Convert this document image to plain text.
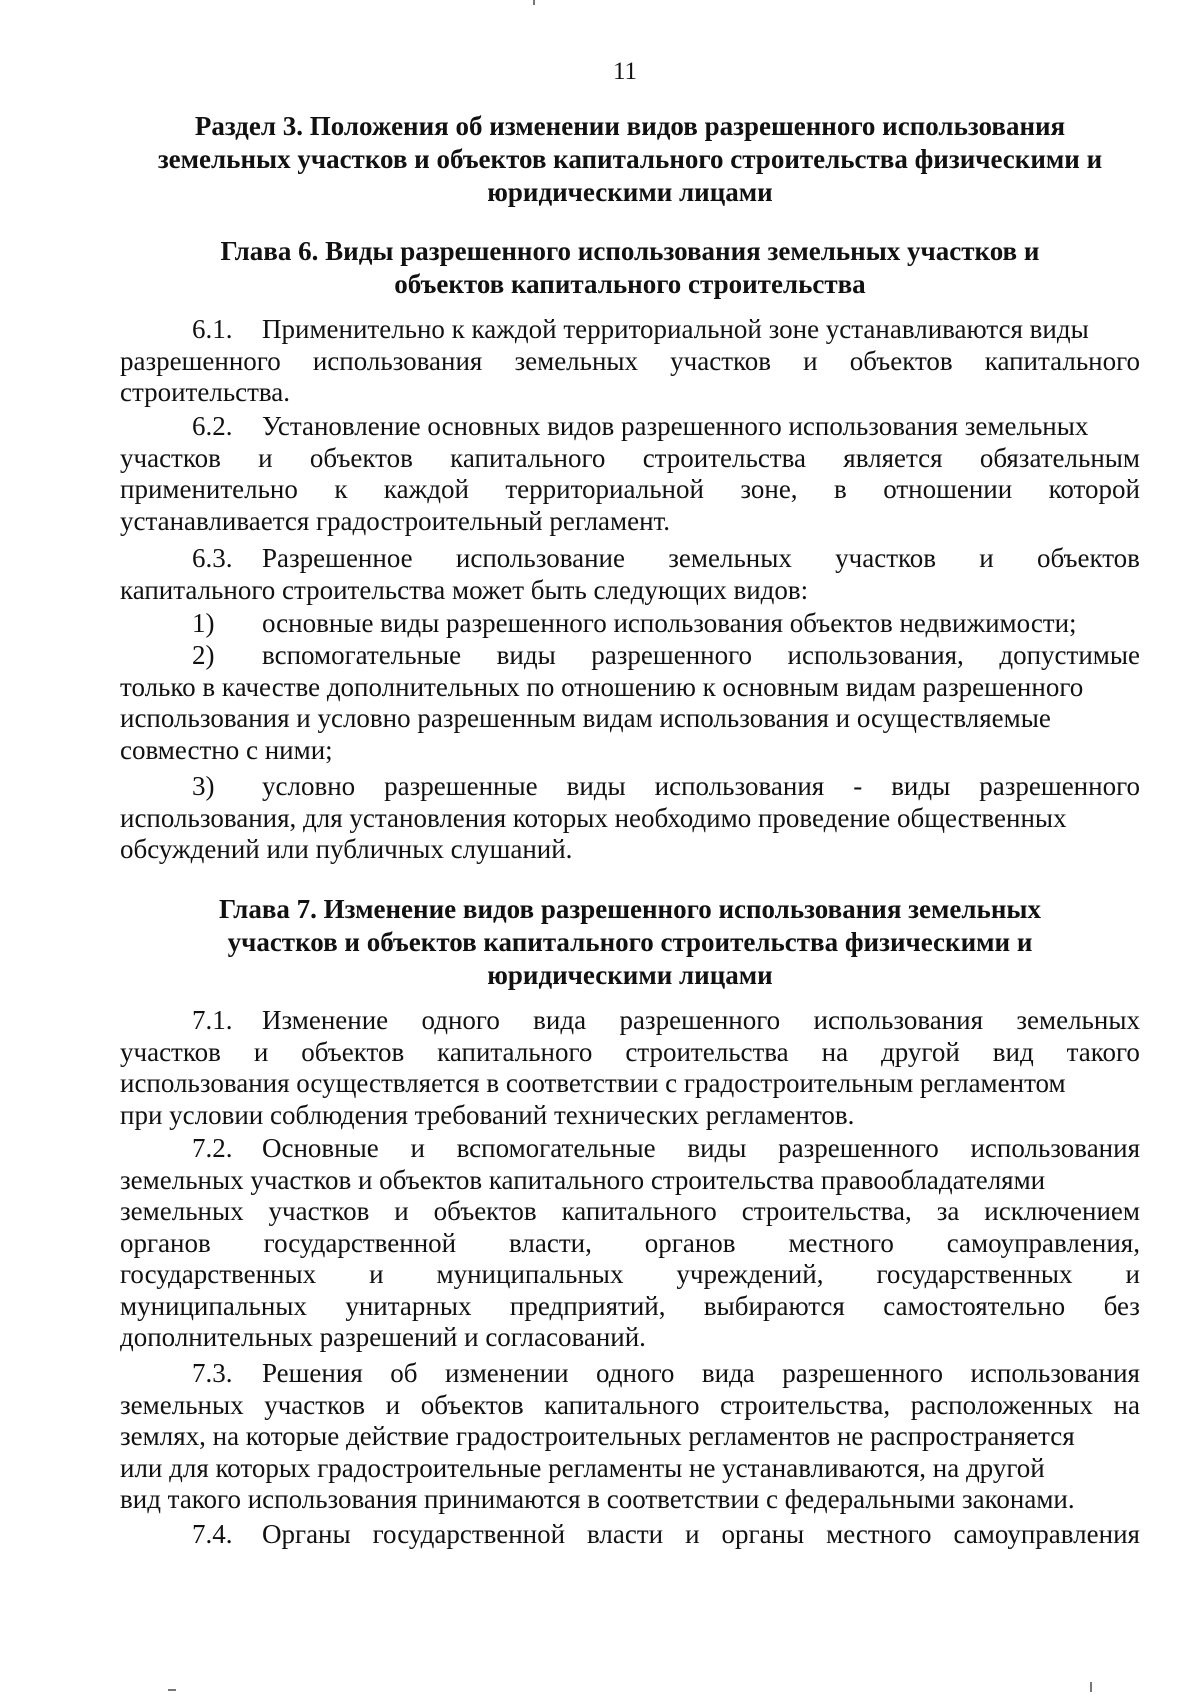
11
Раздел 3. Положения об изменении видов разрешенного использования
земельных участков и объектов капитального строительства физическими и
юридическими лицами
Глава 6. Виды разрешенного использования земельных участков и
объектов капитального строительства
6.1. Применительно к каждой территориальной зоне устанавливаются виды
разрешенного использования земельных участков и объектов капитального
строительства.
6.2. Установление основных видов разрешенного использования земельных
участков и объектов капитального строительства является обязательным
применительно к каждой территориальной зоне, в отношении которой
устанавливается градостроительный регламент.
6.3.	Разрешенное использование земельных участков и объектов
капитального строительства может быть следующих видов:
1) основные виды разрешенного использования объектов недвижимости;
2)	вспомогательные виды разрешенного использования, допустимые
только в качестве дополнительных по отношению к основным видам разрешенного
использования и условно разрешенным видам использования и осуществляемые
совместно с ними;
3)	условно разрешенные виды использования - виды разрешенного
использования, для установления которых необходимо проведение общественных
обсуждений или публичных слушаний.
Глава 7. Изменение видов разрешенного использования земельных
участков и объектов капитального строительства физическими и
юридическими лицами
7.1.	Изменение одного вида разрешенного использования земельных
участков и объектов капитального строительства на другой вид такого
использования осуществляется в соответствии с градостроительным регламентом
при условии соблюдения требований технических регламентов.
7.2.	Основные и вспомогательные виды разрешенного использования
земельных участков и объектов капитального строительства правообладателями
земельных участков и объектов капитального строительства, за исключением
органов государственной власти, органов местного самоуправления,
государственных и муниципальных учреждений, государственных и
муниципальных унитарных предприятий, выбираются самостоятельно без
дополнительных разрешений и согласований.
7.3.	Решения об изменении одного вида разрешенного использования
земельных участков и объектов капитального строительства, расположенных на
землях, на которые действие градостроительных регламентов не распространяется
или для которых градостроительные регламенты не устанавливаются, на другой
вид такого использования принимаются в соответствии с федеральными законами.
7.4.	Органы государственной власти и органы местного самоуправления
